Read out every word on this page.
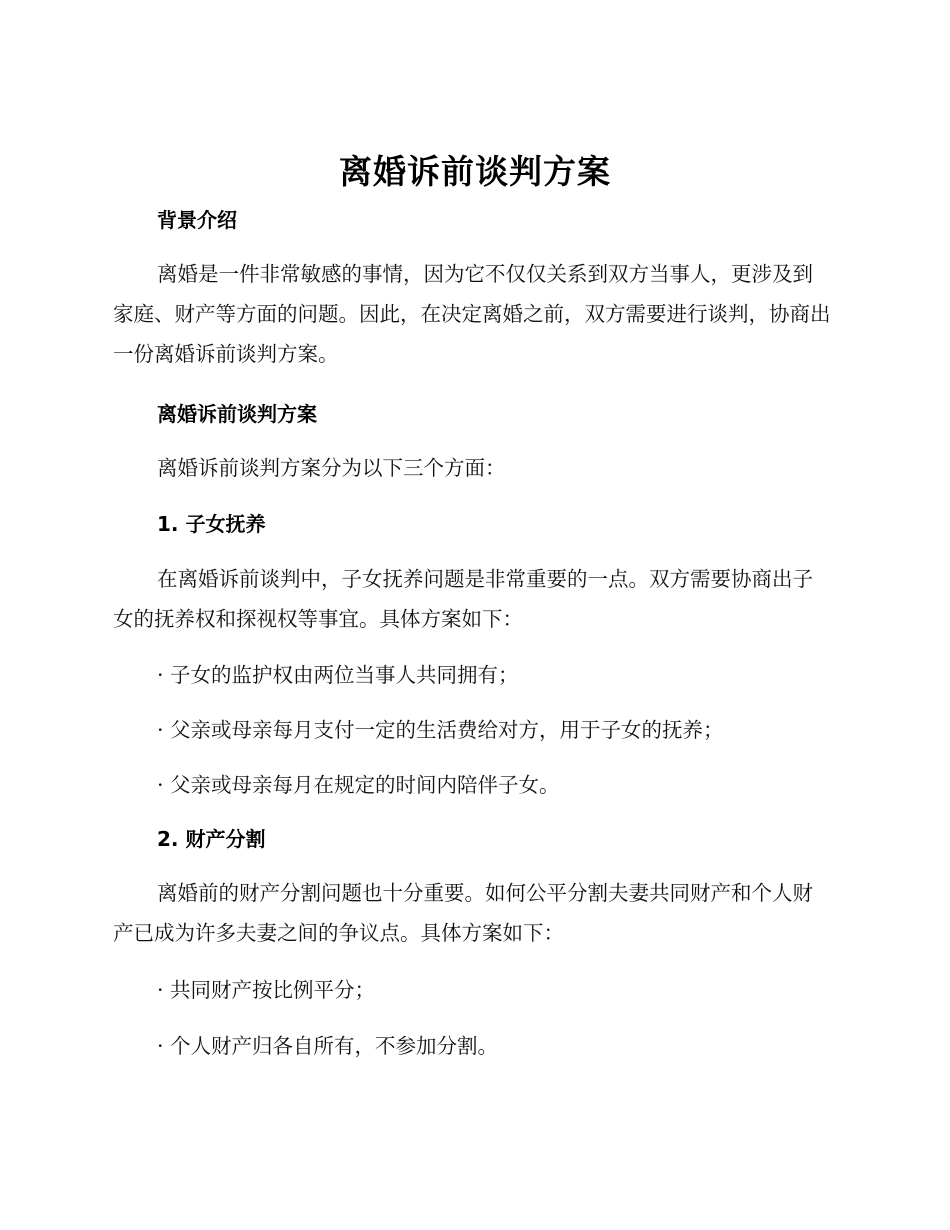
离婚诉前谈判方案
背景介绍
离婚是一件非常敏感的事情，因为它不仅仅关系到双方当事人，更涉及到家庭、财产等方面的问题。因此，在决定离婚之前，双方需要进行谈判，协商出一份离婚诉前谈判方案。
离婚诉前谈判方案
离婚诉前谈判方案分为以下三个方面：
1. 子女抚养
在离婚诉前谈判中，子女抚养问题是非常重要的一点。双方需要协商出子女的抚养权和探视权等事宜。具体方案如下：
· 子女的监护权由两位当事人共同拥有；
· 父亲或母亲每月支付一定的生活费给对方，用于子女的抚养；
· 父亲或母亲每月在规定的时间内陪伴子女。
2. 财产分割
离婚前的财产分割问题也十分重要。如何公平分割夫妻共同财产和个人财产已成为许多夫妻之间的争议点。具体方案如下：
· 共同财产按比例平分；
· 个人财产归各自所有，不参加分割。
